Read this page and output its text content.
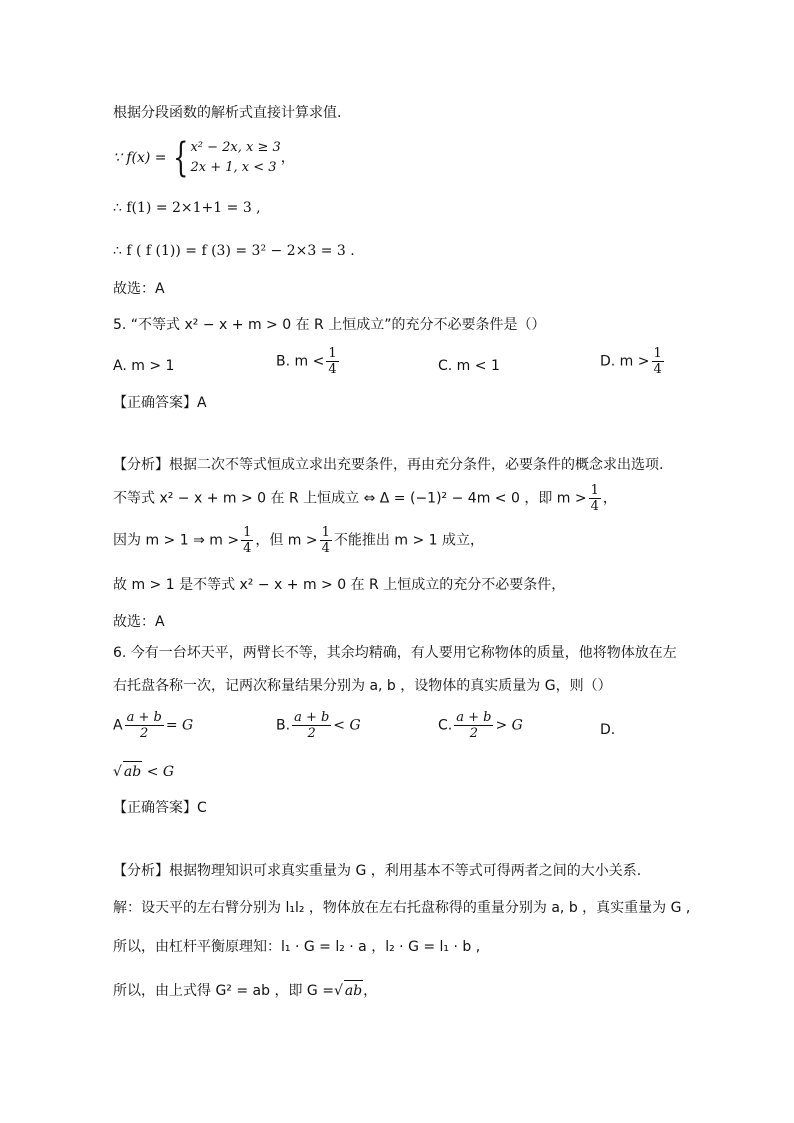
根据分段函数的解析式直接计算求值.
∵ f(x) = { x² − 2x, x ≥ 3
2x + 1, x < 3
，
∴ f(1) = 2×1+1 = 3 ,
∴ f ( f (1)) = f (3) = 3² − 2×3 = 3 .
故选：A
5. “不等式 x² − x + m > 0 在 R 上恒成立”的充分不必要条件是（）
A. m > 1	B. $m < \frac{1}{4}$	C. m < 1	D. $m > \frac{1}{4}$
【正确答案】A
【分析】根据二次不等式恒成立求出充要条件，再由充分条件，必要条件的概念求出选项.
不等式 x² − x + m > 0 在 R 上恒成立 ⇔ Δ = (−1)² − 4m < 0 ，即 $m > \frac{1}{4}$ ，
因为 m > 1 ⇒ $m > \frac{1}{4}$ ，但 $m > \frac{1}{4}$ 不能推出 m > 1 成立，
故 m > 1 是不等式 x² − x + m > 0 在 R 上恒成立的充分不必要条件，
故选：A
6. 今有一台坏天平，两臂长不等，其余均精确，有人要用它称物体的质量，他将物体放在左
右托盘各称一次，记两次称量结果分别为 a, b ，设物体的真实质量为 G，则（）
A $\frac{a + b}{2} = G$	B. $\frac{a + b}{2} < G$	C. $\frac{a + b}{2} > G$	D.
√ ab < G
【正确答案】C
【分析】根据物理知识可求真实重量为 G ，利用基本不等式可得两者之间的大小关系.
解：设天平的左右臂分别为 l₁l₂ ，物体放在左右托盘称得的重量分别为 a, b ，真实重量为 G ,
所以，由杠杆平衡原理知：l₁ · G = l₂ · a ，l₂ · G = l₁ · b ,
所以，由上式得 G² = ab ，即 G =√ ab，
